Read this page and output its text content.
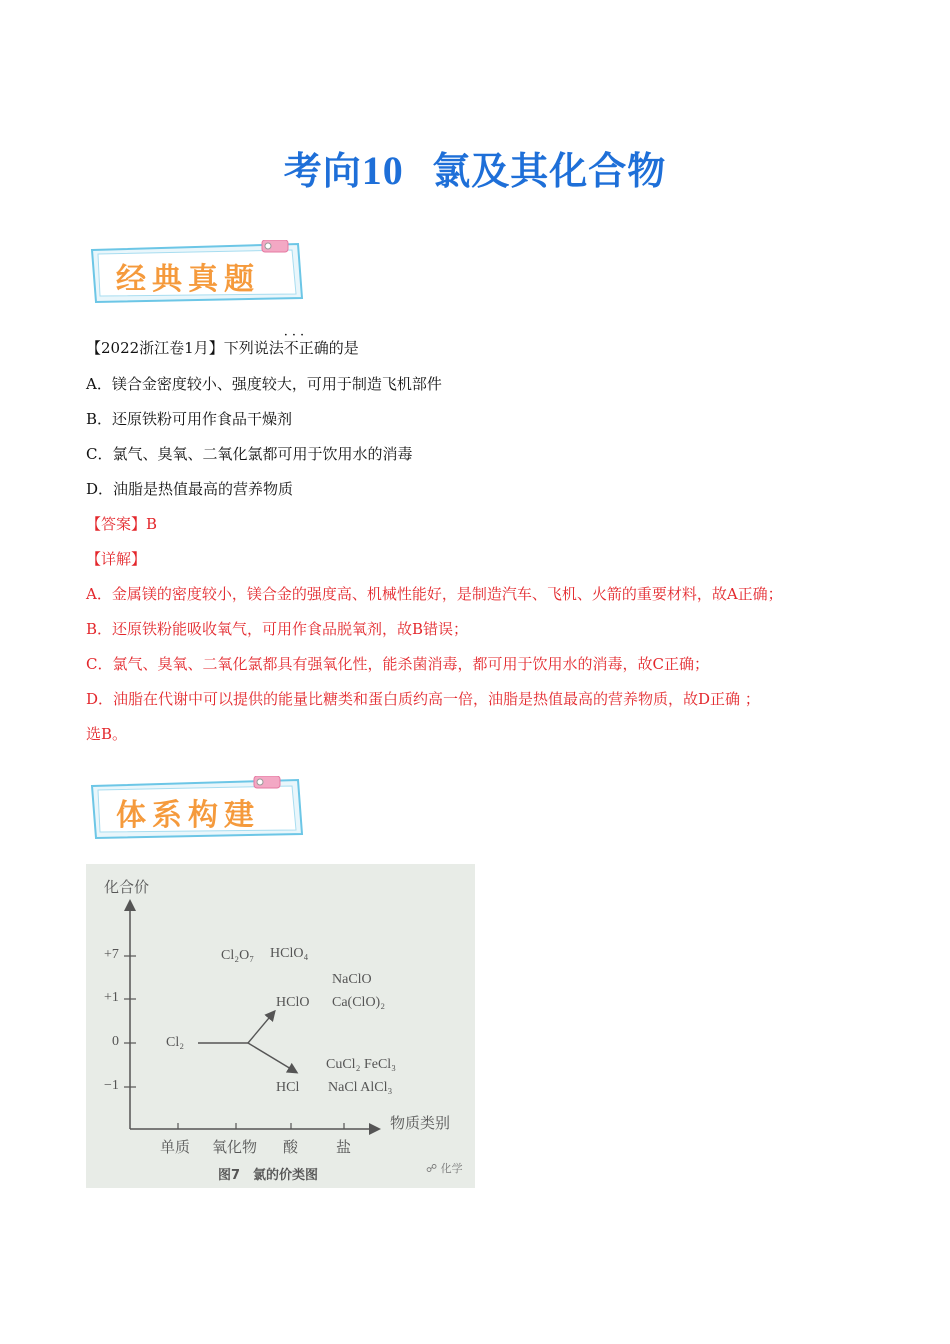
考向10 氯及其化合物
经典真题
【2022浙江卷1月】下列说法
···
不正确的是
A．镁合金密度较小、强度较大，可用于制造飞机部件
B．还原铁粉可用作食品干燥剂
C．氯气、臭氧、二氧化氯都可用于饮用水的消毒
D．油脂是热值最高的营养物质
【答案】B
【详解】
A．金属镁的密度较小，镁合金的强度高、机械性能好，是制造汽车、飞机、火箭的重要材料，故A正确；
B．还原铁粉能吸收氧气，可用作食品脱氧剂，故B错误；
C．氯气、臭氧、二氧化氯都具有强氧化性，能杀菌消毒，都可用于饮用水的消毒，故C正确；
D．油脂在代谢中可以提供的能量比糖类和蛋白质约高一倍，油脂是热值最高的营养物质，故D正确 ；
选B。
体系构建
化合价
物质类别
+7
+1
0
−1
单质 氧化物 酸	盐
Cl₂O₇ HClO₄
NaClO
HClO Ca(ClO)₂
Cl₂
CuCl₂ FeCl₃
HCl NaCl AlCl₃
图7　氯的价类图	☍ 化学
